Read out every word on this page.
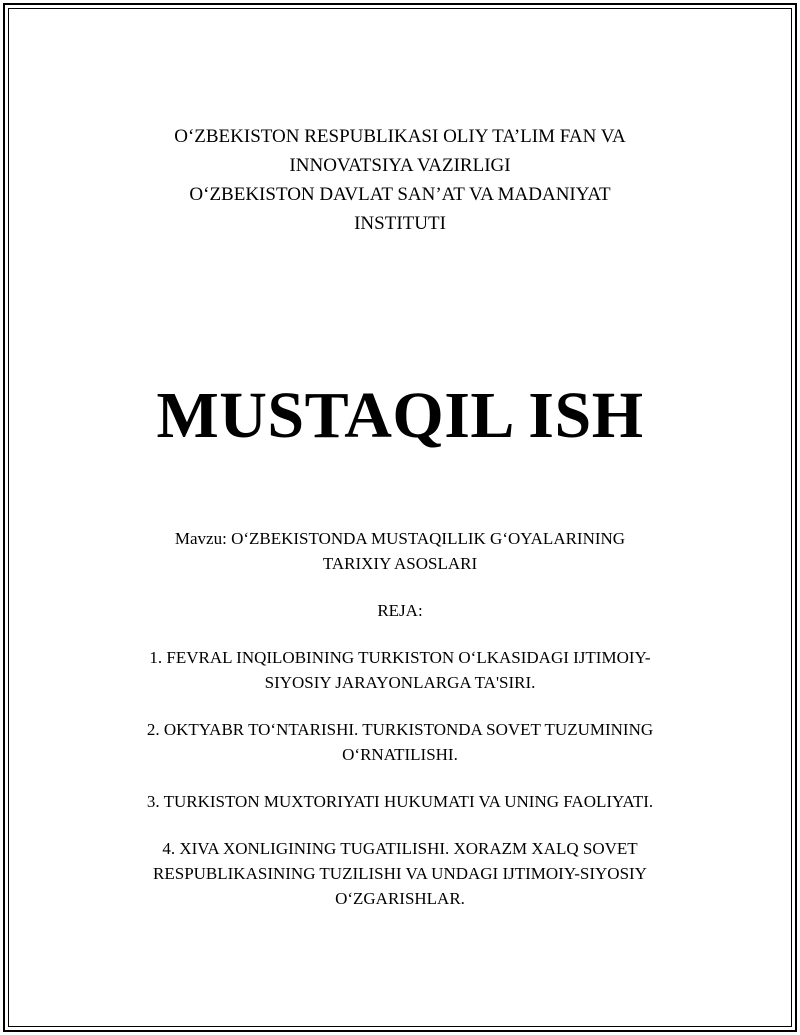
O‘ZBEKISTON RESPUBLIKASI OLIY TA’LIM FAN VA
INNOVATSIYA VAZIRLIGI
O‘ZBEKISTON DAVLAT SAN’AT VA MADANIYAT
INSTITUTI
MUSTAQIL ISH
Mavzu: O‘ZBEKISTONDA MUSTAQILLIK G‘OYALARINING
TARIXIY ASOSLARI
REJA:
1. FEVRAL INQILOBINING TURKISTON O‘LKASIDAGI IJTIMOIY-
SIYOSIY JARAYONLARGA TA'SIRI.
2. OKTYABR TO‘NTARISHI. TURKISTONDA SOVET TUZUMINING
O‘RNATILISHI.
3. TURKISTON MUXTORIYATI HUKUMATI VA UNING FAOLIYATI.
4. XIVA XONLIGINING TUGATILISHI. XORAZM XALQ SOVET
RESPUBLIKASINING TUZILISHI VA UNDAGI IJTIMOIY-SIYOSIY
O‘ZGARISHLAR.
